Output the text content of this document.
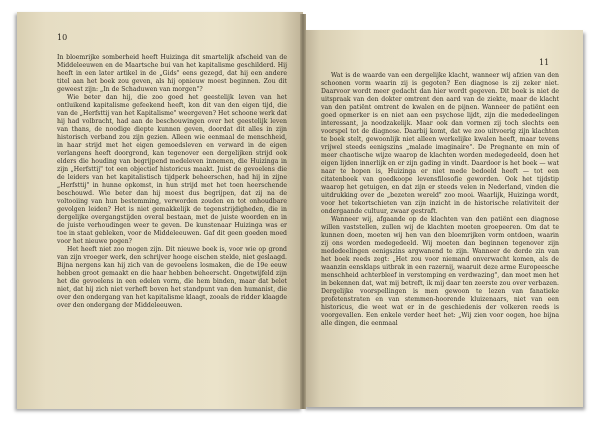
10

In bloemrijke somberheid heeft Huizinga dit smartelijk afscheid van de Middeleeuwen en de Maartsche bui van het kapitalisme geschilderd. Hij heeft in een later artikel in de „Gids" eens gezegd, dat hij een andere titel aan het boek zou geven, als hij opnieuw moest beginnen. Zou dit geweest zijn: „In de Schaduwen van morgen"?

Wie beter dan hij, die zoo goed het geestelijk leven van het ontluikend kapitalisme gefeekend heeft, kon dit van den eigen tijd, die van de „Herfsttij van het Kapitalisme" weergeven? Het schoone werk dat hij had volbracht, had aan de beschouwingen over het geestelijk leven van thans, de noodige diepte kunnen geven, doordat dit alles in zijn historisch verband zou zijn gezien. Alleen wie eenmaal de menschheid, in haar strijd met het eigen gemoedsleven en verward in de eigen verlangens heeft doorgrond, kan tegenover een dergelijken strijd ook elders die houding van begrijpend medeleven innemen, die Huizinga in zijn „Herfsttij" tot een objectief historicus maakt. Juist de gevoelens die de leiders van het kapitalistisch tijdperk beheerschen, had hij in zijne „Herfsttij" in hunne opkomst, in hun strijd met het toen heerschende beschouwd. Wie beter dan hij moest dus begrijpen, dat zij na de voltooiing van hun bestemming, verworden zouden en tot onhoudbare gevolgen leiden? Het is niet gemakkelijk de tegenstrijdigheden, die in dergelijke overgangstijden overal bestaan, met de juiste woorden en in de juiste verhoudingen weer te geven. De kunstenaar Huizinga was er toe in staat gebleken, voor de Middeleeuwen. Gaf dit geen goeden moed voor het nieuwe pogen?

Het heeft niet zoo mogen zijn. Dit nieuwe boek is, voor wie op grond van zijn vroeger werk, den schrijver hooge eischen stelde, niet geslaagd. Bijna nergens kan hij zich van de gevoelens losmaken, die de 19e eeuw hebben groot gemaakt en die haar hebben beheerscht. Ongetwijfeld zijn het die gevoelens in een edelen vorm, die hem binden, maar dat belet niet, dat hij zich niet verheft boven het standpunt van den humanist, die over den ondergang van het kapitalisme klaagt, zooals de ridder klaagde over den ondergang der Middeleeuwen.

11

Wat is de waarde van een dergelijke klacht, wanneer wij afzien van den schoonen vorm waarin zij is gegoten? Een diagnose is zij zeker niet. Daarvoor wordt meer gedacht dan hier wordt gegeven. Dit boek is niet de uitspraak van den dokter omtrent den aard van de ziekte, maar de klacht van den patiënt omtrent de kwalen en de pijnen. Wanneer de patiënt een goed opmerker is en niet aan een psychose lijdt, zijn die mededeelingen interessant, ja noodzakelijk. Maar ook dan vormen zij toch slechts een voorspel tot de diagnose. Daarbij komt, dat we zoo uitvoerig zijn klachten te boek stelt, gewoonlijk niet alleen werkelijke kwalen heeft, maar tevens vrijwel steeds eenigszins „malade imaginaire". De Pregnante en min of meer chaotische wijze waarop de klachten worden medegedeeld, doen het eigen lijden innerlijk en er zijn gading in vindt. Daardoor is het boek — wat naar te hopen is, Huizinga er niet mede bedoeld heeft — tot een citatenboek van goedkoope levensfilosofie geworden. Ook het tijdstip waarop het getuigen, en dat zijn er steeds velen in Nederland, vinden die uitdrukking over de „bezeten wereld" zoo mooi. Waarlijk, Huizinga wordt, voor het tekortschieten van zijn inzicht in de historische relativiteit der ondergaande cultuur, zwaar gestraft.

Wanneer wij, afgaande op de klachten van den patiënt een diagnose willen vaststellen, zullen wij de klachten moeten groepeeren. Om dat te kunnen doen, moeten wij hen van den bloemrijken vorm ontdoen, waarin zij ons worden medegedeeld. Wij moeten dan beginnen tegenover zijn mededeelingen eenigszins argwanend te zijn. Wanneer de derde zin van het boek reeds zegt: „Het zou voor niemand onverwacht komen, als de waanzin eensklaps uitbrak in een razernij, waaruit deze arme Europeesche menschheid achterbleef in verstomping en verdwazing", dan moet men het in bekennen dat, wat mij betreft, ik mij daar ten zeerste zou over verbazen. Dergelijke voorspellingen is men gewoon te lezen van fanatieke profetenstraten en van stemmen-hoorende kluizenaars, niet van een historicus, die weet wat er in de geschiedenis der volkeren reeds is voorgevallen. Een enkele verder heet het: „Wij zien voor oogen, hoe bijna alle dingen, die eenmaal
